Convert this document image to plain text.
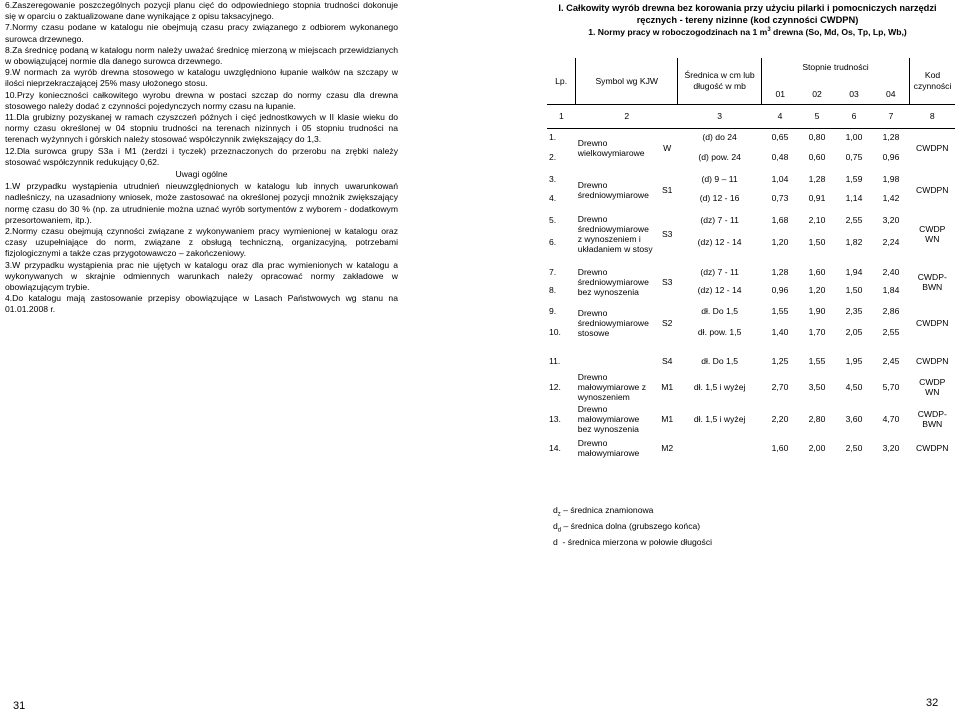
6.Zaszeregowanie poszczególnych pozycji planu cięć do odpowiedniego stopnia trudności dokonuje się w oparciu o zaktualizowane dane wynikające z opisu taksacyjnego.

7.Normy czasu podane w katalogu nie obejmują czasu pracy związanego z odbiorem wykonanego surowca drzewnego.

8.Za średnicę podaną w katalogu norm należy uważać średnicę mierzoną w miejscach przewidzianych w obowiązującej normie dla danego surowca drzewnego.

9.W normach za wyrób drewna stosowego w katalogu uwzględniono łupanie wałków na szczapy w ilości nieprzekraczającej 25% masy ułożonego stosu.

10.Przy konieczności całkowitego wyrobu drewna w postaci szczap do normy czasu dla drewna stosowego należy dodać z czynności pojedynczych normy czasu na łupanie.

11.Dla grubizny pozyskanej w ramach czyszczeń późnych i cięć jednostkowych w II klasie wieku do normy czasu określonej w 04 stopniu trudności na terenach nizinnych i 05 stopniu trudności na terenach wyżynnych i górskich należy stosować współczynnik zwiększający do 1,3.

12.Dla surowca grupy S3a i M1 (żerdzi i tyczek) przeznaczonych do przerobu na zrębki należy stosować współczynnik redukujący 0,62.

Uwagi ogólne

1.W przypadku wystąpienia utrudnień nieuwzględnionych w katalogu lub innych uwarunkowań nadleśniczy, na uzasadniony wniosek, może zastosować na określonej pozycji mnożnik zwiększający normę czasu do 30 % (np. za utrudnienie można uznać wyrób sortymentów z wyborem - dodatkowym przesortowaniem, itp.).

2.Normy czasu obejmują czynności związane z wykonywaniem pracy wymienionej w katalogu oraz czasy uzupełniające do norm, związane z obsługą techniczną, organizacyjną, potrzebami fizjologicznymi a także czas przygotowawczo – zakończeniowy.

3.W przypadku wystąpienia prac nie ujętych w katalogu oraz dla prac wymienionych w katalogu a wykonywanych w skrajnie odmiennych warunkach należy opracować normy zakładowe w obowiązującym trybie.

4.Do katalogu mają zastosowanie przepisy obowiązujące w Lasach Państwowych wg stanu na 01.01.2008 r.

31	32
I. Całkowity wyrób drewna bez korowania przy użyciu pilarki i pomocniczych narzędzi ręcznych - tereny nizinne (kod czynności CWDPN)
1. Normy pracy w roboczogodzinach na 1 $m^3$ drewna (So, Md, Os, Tp, Lp, Wb,)
Lp.	Symbol wg KJW		Średnica w cm lub długość w mb	Stopnie trudności				Kod czynności
				01	02	03	04	
1	2		3	4	5	6	7	8
1.	Drewno wielkowymiarowe	W	(d) do 24	0,65	0,80	1,00	1,28	CWDPN
2.			(d) pow. 24	0,48	0,60	0,75	0,96	

3.	Drewno średniowymiarowe	S1	(d) 9 – 11	1,04	1,28	1,59	1,98	CWDPN
4.			(d) 12 - 16	0,73	0,91	1,14	1,42	

5.	Drewno średniowymiarowe z wynoszeniem i układaniem w stosy	S3	(dz) 7 - 11	1,68	2,10	2,55	3,20	CWDP WN
6.			(dz) 12 - 14	1,20	1,50	1,82	2,24	

7.	Drewno średniowymiarowe bez wynoszenia	S3	(dz) 7 - 11	1,28	1,60	1,94	2,40	CWDP-BWN
8.			(dz) 12 - 14	0,96	1,20	1,50	1,84	

9.	Drewno średniowymiarowe stosowe	S2	dł. Do 1,5	1,55	1,90	2,35	2,86	CWDPN
10.			dł. pow. 1,5	1,40	1,70	2,05	2,55	

11.		S4	dł. Do 1,5	1,25	1,55	1,95	2,45	CWDPN

12.	Drewno małowymiarowe z wynoszeniem	M1	dł. 1,5 i wyżej	2,70	3,50	4,50	5,70	CWDP WN

13.	Drewno małowymiarowe bez wynoszenia	M1	dł. 1,5 i wyżej	2,20	2,80	3,60	4,70	CWDP-BWN

14.	Drewno małowymiarowe	M2		1,60	2,00	2,50	3,20	CWDPN

$d_z$ – średnica znamionowa
$d_d$ – średnica dolna (grubszego końca)
d  - średnica mierzona w połowie długości
